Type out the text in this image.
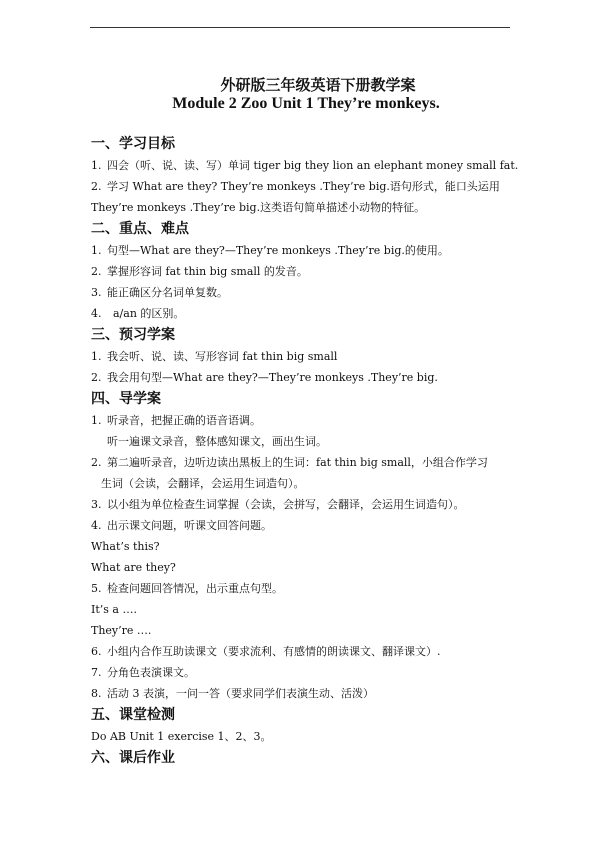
外研版三年级英语下册教学案
Module 2 Zoo Unit 1 They’re monkeys.
一、学习目标
1. 四会（听、说、读、写）单词 tiger big they lion an elephant money small fat.
2. 学习 What are they? They’re monkeys .They’re big.语句形式，能口头运用
They’re monkeys .They’re big.这类语句简单描述小动物的特征。
二、重点、难点
1. 句型—What are they?—They’re monkeys .They’re big.的使用。
2. 掌握形容词 fat thin big small 的发音。
3. 能正确区分名词单复数。
4. a/an 的区别。
三、预习学案
1. 我会听、说、读、写形容词 fat thin big small
2. 我会用句型—What are they?—They’re monkeys .They’re big.
四、导学案
1. 听录音，把握正确的语音语调。
听一遍课文录音，整体感知课文，画出生词。
2. 第二遍听录音，边听边读出黑板上的生词：fat thin big small，小组合作学习
生词（会读，会翻译，会运用生词造句）。
3. 以小组为单位检查生词掌握（会读，会拼写，会翻译，会运用生词造句）。
4. 出示课文问题，听课文回答问题。
What’s this?
What are they?
5. 检查问题回答情况，出示重点句型。
It’s a ….
They’re ….
6. 小组内合作互助读课文（要求流利、有感情的朗读课文、翻译课文）.
7. 分角色表演课文。
8. 活动 3 表演，一问一答（要求同学们表演生动、活泼）
五、课堂检测
Do AB Unit 1 exercise 1、2、3。
六、课后作业
